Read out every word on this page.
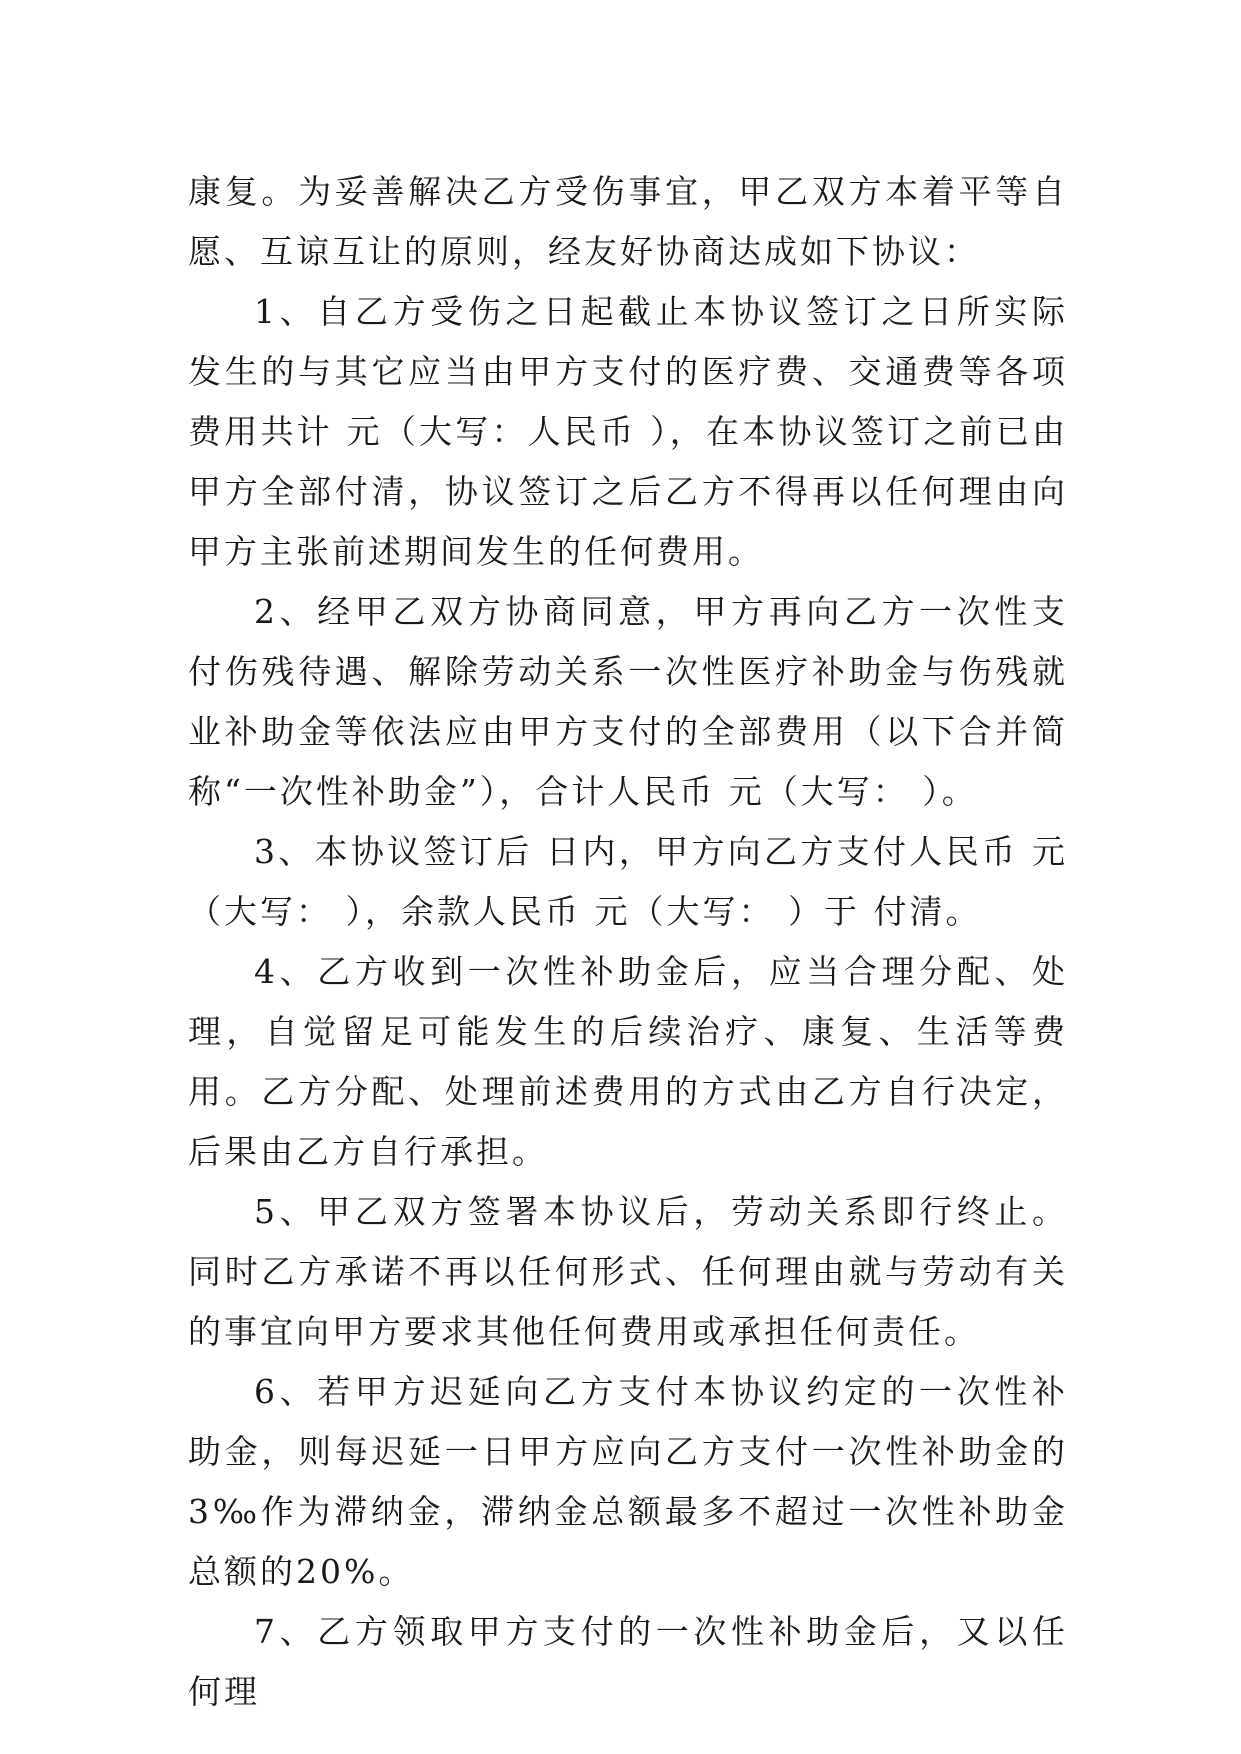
康复。为妥善解决乙方受伤事宜，甲乙双方本着平等自愿、互谅互让的原则，经友好协商达成如下协议：

1、自乙方受伤之日起截止本协议签订之日所实际发生的与其它应当由甲方支付的医疗费、交通费等各项费用共计 元（大写：人民币 ），在本协议签订之前已由甲方全部付清，协议签订之后乙方不得再以任何理由向甲方主张前述期间发生的任何费用。

2、经甲乙双方协商同意，甲方再向乙方一次性支付伤残待遇、解除劳动关系一次性医疗补助金与伤残就业补助金等依法应由甲方支付的全部费用（以下合并简称“一次性补助金”），合计人民币 元（大写： ）。

3、本协议签订后 日内，甲方向乙方支付人民币 元（大写： ），余款人民币 元（大写： ）于 付清。

4、乙方收到一次性补助金后，应当合理分配、处理，自觉留足可能发生的后续治疗、康复、生活等费用。乙方分配、处理前述费用的方式由乙方自行决定，后果由乙方自行承担。

5、甲乙双方签署本协议后，劳动关系即行终止。同时乙方承诺不再以任何形式、任何理由就与劳动有关的事宜向甲方要求其他任何费用或承担任何责任。

6、若甲方迟延向乙方支付本协议约定的一次性补助金，则每迟延一日甲方应向乙方支付一次性补助金的3‰作为滞纳金，滞纳金总额最多不超过一次性补助金总额的20%。

7、乙方领取甲方支付的一次性补助金后，又以任何理
